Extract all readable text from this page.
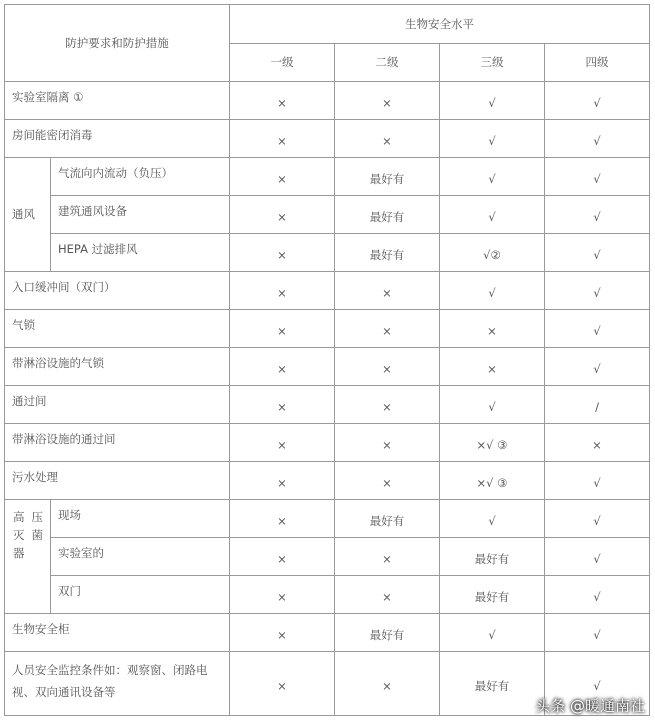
防护要求和防护措施		生物安全水平			
		一级	二级	三级	四级
实验室隔离 ①		×	×	√	√
房间能密闭消毒		×	×	√	√
通风	气流向内流动（负压）	×	最好有	√	√
	建筑通风设备	×	最好有	√	√
	HEPA 过滤排风	×	最好有	√②	√
入口缓冲间（双门）		×	×	√	√
气锁		×	×	×	√
带淋浴设施的气锁		×	×	×	√
通过间		×	×	√	/
带淋浴设施的通过间		×	×	×√ ③	×
污水处理		×	×	×√ ③	√

高压
灭菌
器	现场	×	最好有	√	√
	实验室的	×	×	最好有	√
	双门	×	×	最好有	√
生物安全柜		×	最好有	√	√
人员安全监控条件如：观察窗、闭路电视、双向通讯设备等		×	×	最好有	√
头条 @暖通南社
